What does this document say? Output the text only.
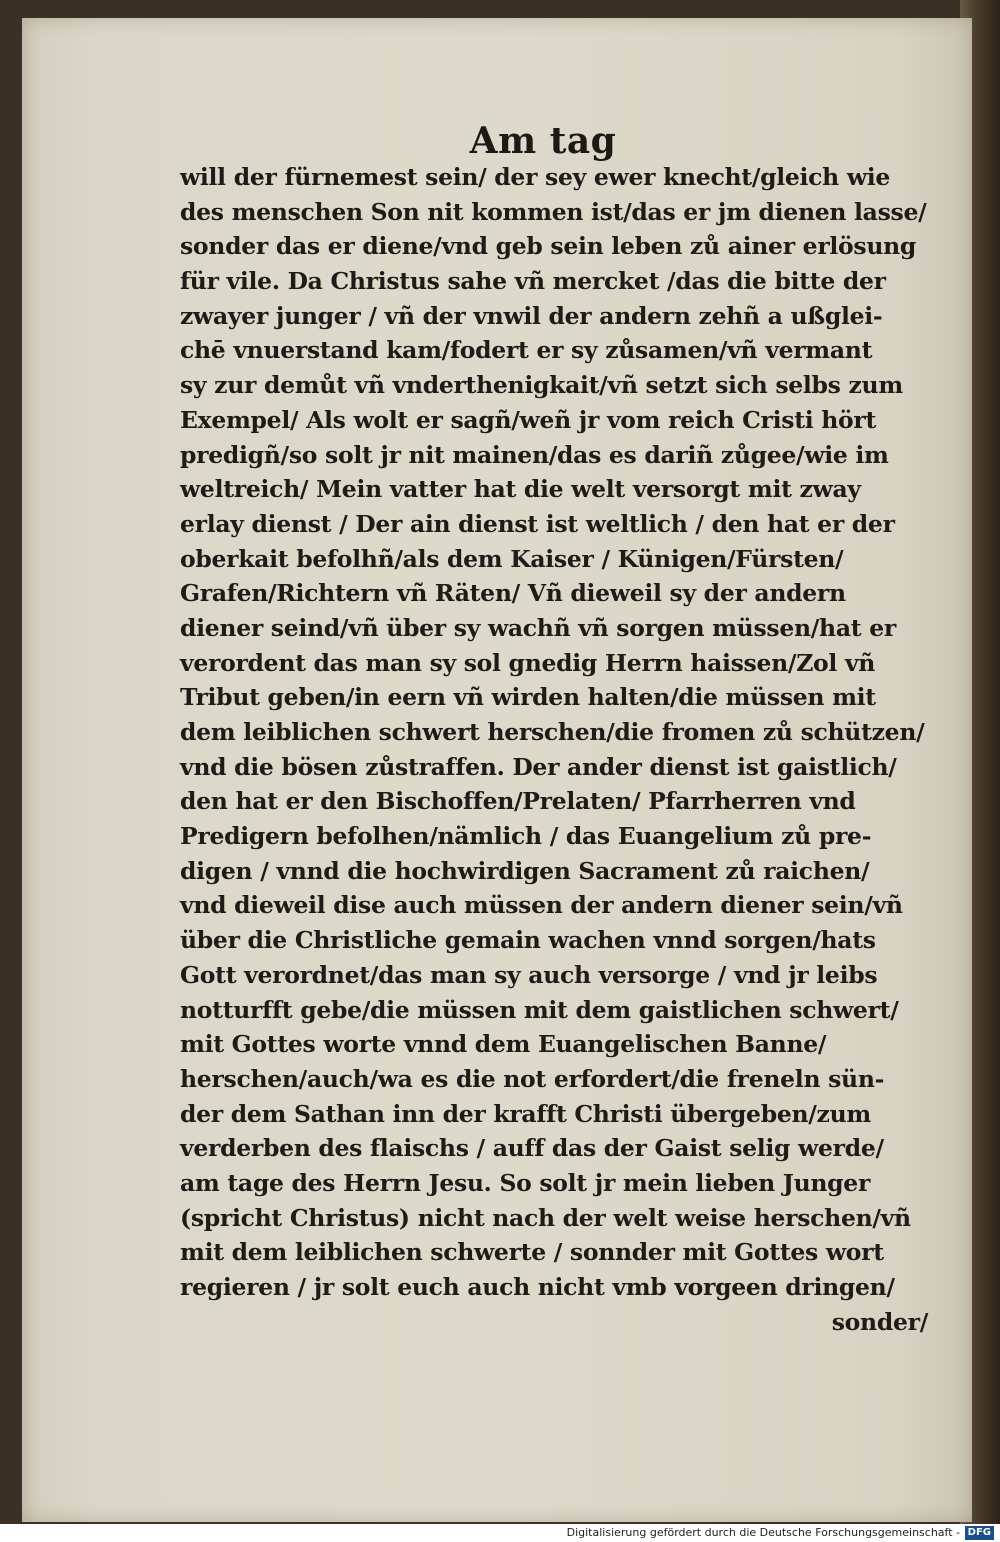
Am tag
will der fürnemest sein/ der sey ewer knecht/gleich wie
des menschen Son nit kommen ist/das er jm dienen lasse/
sonder das er diene/vnd geb sein leben zů ainer erlösung
für vile. Da Christus sahe vñ mercket /das die bitte der
zwayer junger / vñ der vnwil der andern zehñ a ußglei-
chē vnuerstand kam/fodert er sy zůsamen/vñ vermant
sy zur demůt vñ vnderthenigkait/vñ setzt sich selbs zum
Exempel/ Als wolt er sagñ/weñ jr vom reich Cristi hört
predigñ/so solt jr nit mainen/das es dariñ zůgee/wie im
weltreich/ Mein vatter hat die welt versorgt mit zway
erlay dienst / Der ain dienst ist weltlich / den hat er der
oberkait befolhñ/als dem Kaiser / Künigen/Fürsten/
Grafen/Richtern vñ Räten/ Vñ dieweil sy der andern
diener seind/vñ über sy wachñ vñ sorgen müssen/hat er
verordent das man sy sol gnedig Herrn haissen/Zol vñ
Tribut geben/in eern vñ wirden halten/die müssen mit
dem leiblichen schwert herschen/die fromen zů schützen/
vnd die bösen zůstraffen. Der ander dienst ist gaistlich/
den hat er den Bischoffen/Prelaten/ Pfarrherren vnd
Predigern befolhen/nämlich / das Euangelium zů pre-
digen / vnnd die hochwirdigen Sacrament zů raichen/
vnd dieweil dise auch müssen der andern diener sein/vñ
über die Christliche gemain wachen vnnd sorgen/hats
Gott verordnet/das man sy auch versorge / vnd jr leibs
notturfft gebe/die müssen mit dem gaistlichen schwert/
mit Gottes worte vnnd dem Euangelischen Banne/
herschen/auch/wa es die not erfordert/die freneln sün-
der dem Sathan inn der krafft Christi übergeben/zum
verderben des flaischs / auff das der Gaist selig werde/
am tage des Herrn Jesu. So solt jr mein lieben Junger
(spricht Christus) nicht nach der welt weise herschen/vñ
mit dem leiblichen schwerte / sonnder mit Gottes wort
regieren / jr solt euch auch nicht vmb vorgeen dringen/
sonder/
Digitalisierung gefördert durch die Deutsche Forschungsgemeinschaft - DFG
